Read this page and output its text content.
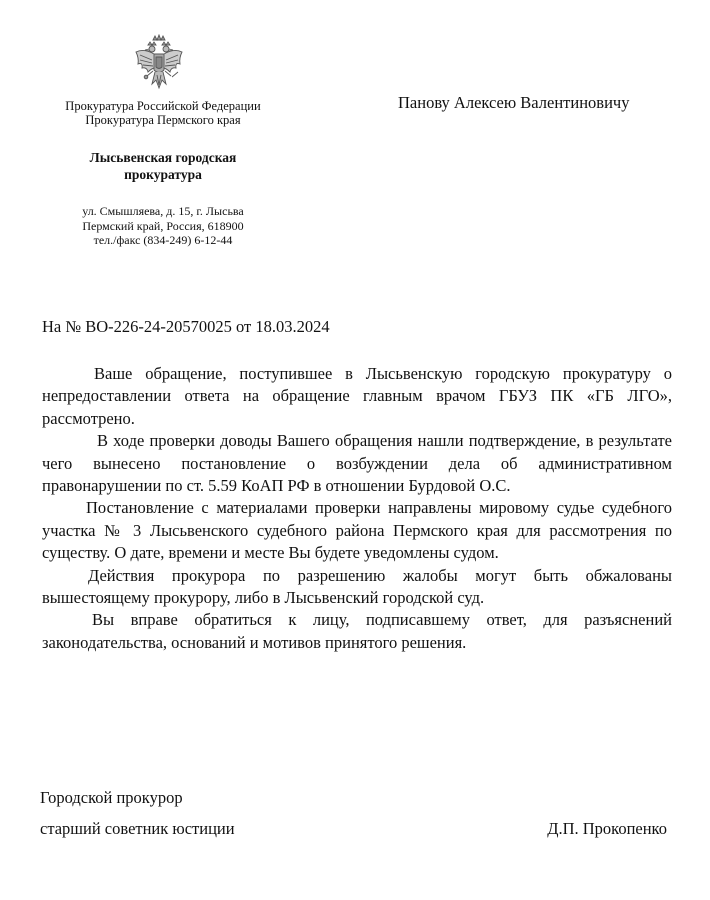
Прокуратура Российской Федерации
Прокуратура Пермского края
Лысьвенская городская
прокуратура
ул. Смышляева, д. 15, г. Лысьва
Пермский край, Россия, 618900
тел./факс (834-249) 6-12-44
Панову Алексею Валентиновичу
На № ВО-226-24-20570025 от 18.03.2024

Ваше обращение, поступившее в Лысьвенскую городскую прокуратуру о непредоставлении ответа на обращение главным врачом ГБУЗ ПК «ГБ ЛГО», рассмотрено.

В ходе проверки доводы Вашего обращения нашли подтверждение, в результате чего вынесено постановление о возбуждении дела об административном правонарушении по ст. 5.59 КоАП РФ в отношении Бурдовой О.С.

Постановление с материалами проверки направлены мировому судье судебного участка № 3 Лысьвенского судебного района Пермского края для рассмотрения по существу. О дате, времени и месте Вы будете уведомлены судом.

Действия прокурора по разрешению жалобы могут быть обжалованы вышестоящему прокурору, либо в Лысьвенский городской суд.

Вы вправе обратиться к лицу, подписавшему ответ, для разъяснений законодательства, оснований и мотивов принятого решения.

Городской прокурор
старший советник юстиции	Д.П. Прокопенко
